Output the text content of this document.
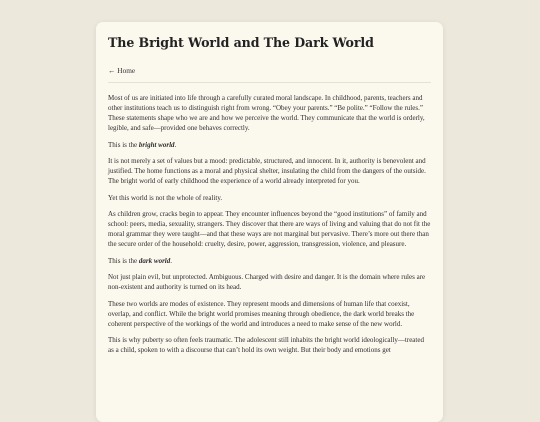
The Bright World and The Dark World
← Home

Most of us are initiated into life through a carefully curated moral landscape. In childhood, parents, teachers and other institutions teach us to distinguish right from wrong. “Obey your parents.” “Be polite.” “Follow the rules.” These statements shape who we are and how we perceive the world. They communicate that the world is orderly, legible, and safe—provided one behaves correctly.

This is the bright world.

It is not merely a set of values but a mood: predictable, structured, and innocent. In it, authority is benevolent and justified. The home functions as a moral and physical shelter, insulating the child from the dangers of the outside. The bright world of early childhood the experience of a world already interpreted for you.

Yet this world is not the whole of reality.

As children grow, cracks begin to appear. They encounter influences beyond the “good institutions” of family and school: peers, media, sexuality, strangers. They discover that there are ways of living and valuing that do not fit the moral grammar they were taught—and that these ways are not marginal but pervasive. There’s more out there than the secure order of the household: cruelty, desire, power, aggression, transgression, violence, and pleasure.

This is the dark world.

Not just plain evil, but unprotected. Ambiguous. Charged with desire and danger. It is the domain where rules are non-existent and authority is turned on its head.

These two worlds are modes of existence. They represent moods and dimensions of human life that coexist, overlap, and conflict. While the bright world promises meaning through obedience, the dark world breaks the coherent perspective of the workings of the world and introduces a need to make sense of the new world.

This is why puberty so often feels traumatic. The adolescent still inhabits the bright world ideologically—treated as a child, spoken to with a discourse that can’t hold its own weight. But their body and emotions get
